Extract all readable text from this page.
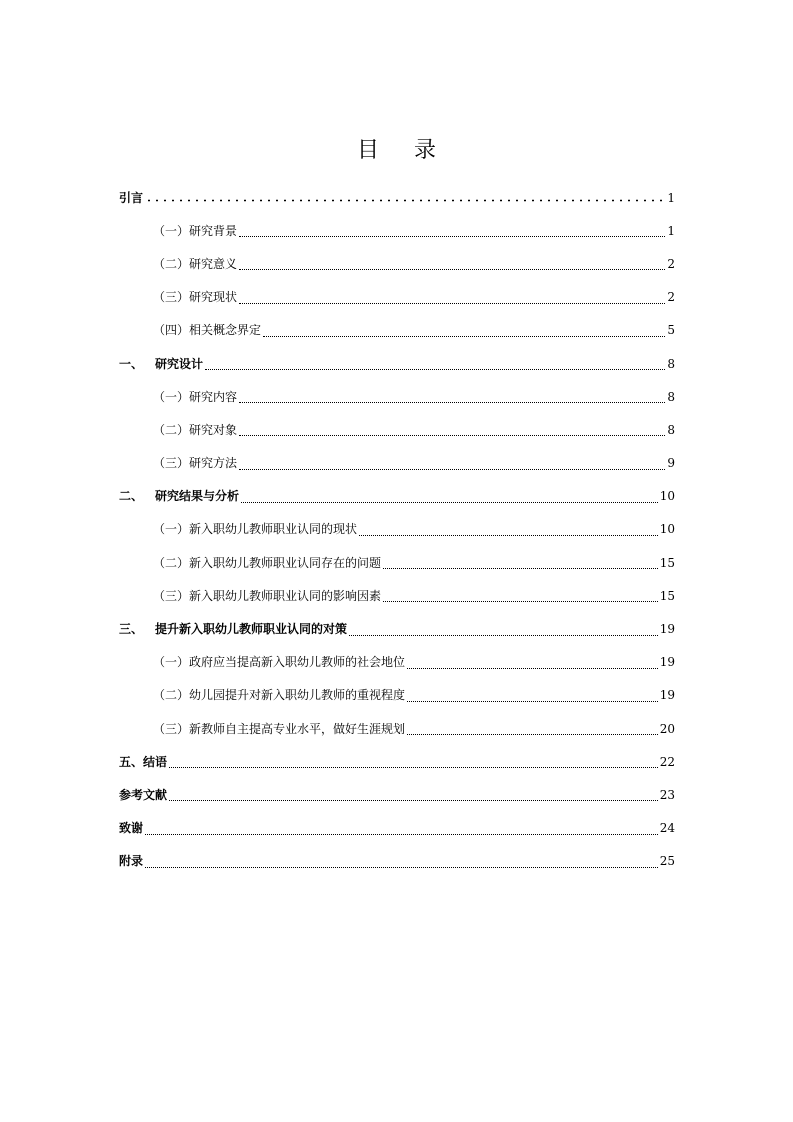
目 录
引言	1
（一）研究背景	1
（二）研究意义	2
（三）研究现状	2
（四）相关概念界定	5
一、 研究设计	8
（一）研究内容	8
（二）研究对象	8
（三）研究方法	9
二、 研究结果与分析	10
（一）新入职幼儿教师职业认同的现状	10
（二）新入职幼儿教师职业认同存在的问题	15
（三）新入职幼儿教师职业认同的影响因素	15
三、 提升新入职幼儿教师职业认同的对策	19
（一）政府应当提高新入职幼儿教师的社会地位	19
（二）幼儿园提升对新入职幼儿教师的重视程度	19
（三）新教师自主提高专业水平，做好生涯规划	20
五、结语	22
参考文献	23
致谢	24
附录	25
